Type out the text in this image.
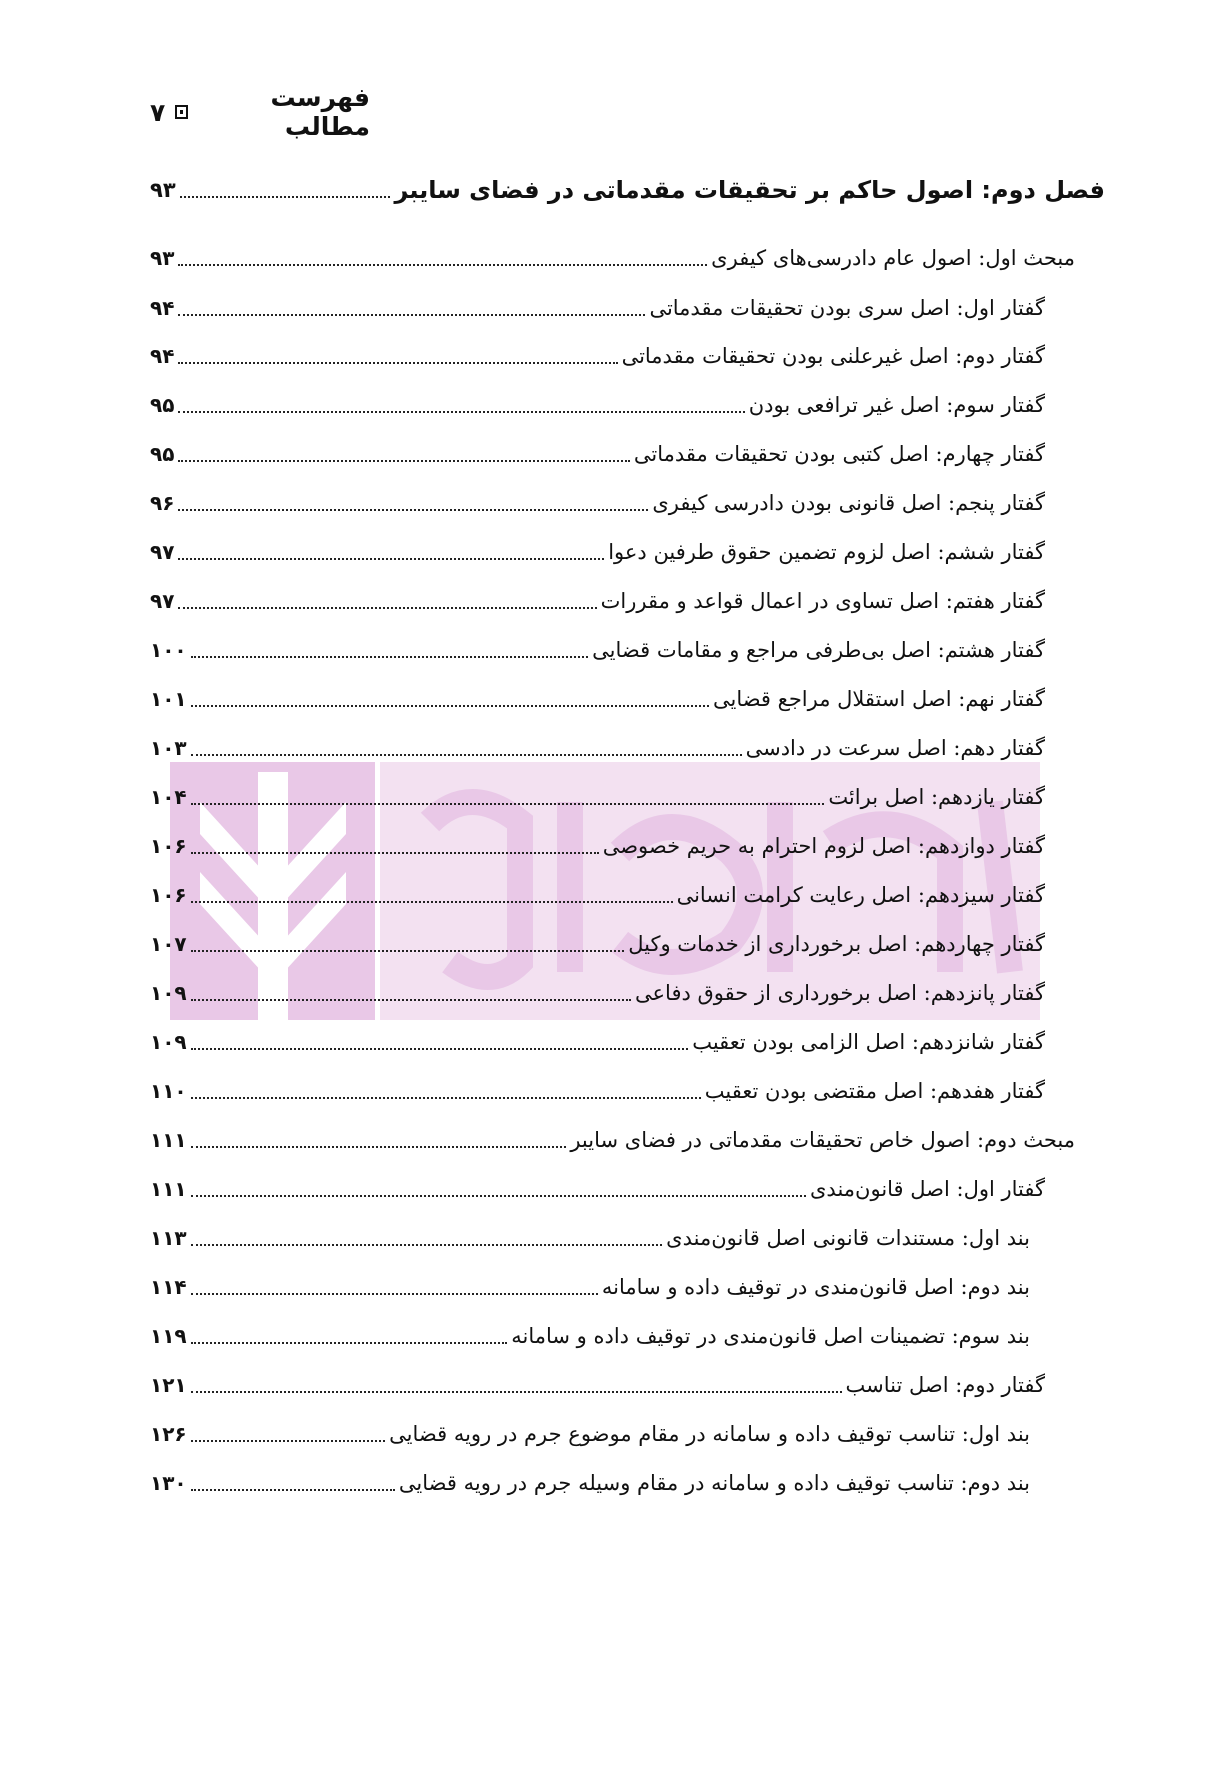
فهرست مطالب
۷
فصل دوم: اصول حاکم بر تحقیقات مقدماتی در فضای سایبر
۹۳
مبحث اول: اصول عام دادرسی‌های کیفری
۹۳
گفتار اول: اصل سری بودن تحقیقات مقدماتی
۹۴
گفتار دوم: اصل غیرعلنی بودن تحقیقات مقدماتی
۹۴
گفتار سوم: اصل غیر ترافعی بودن
۹۵
گفتار چهارم: اصل کتبی بودن تحقیقات مقدماتی
۹۵
گفتار پنجم: اصل قانونی بودن دادرسی کیفری
۹۶
گفتار ششم: اصل لزوم تضمین حقوق طرفین دعوا
۹۷
گفتار هفتم: اصل تساوی در اعمال قواعد و مقررات
۹۷
گفتار هشتم: اصل بی‌طرفی مراجع و مقامات قضایی
۱۰۰
گفتار نهم: اصل استقلال مراجع قضایی
۱۰۱
گفتار دهم: اصل سرعت در دادسی
۱۰۳
گفتار یازدهم: اصل برائت
۱۰۴
گفتار دوازدهم: اصل لزوم احترام به حریم خصوصی
۱۰۶
گفتار سیزدهم: اصل رعایت کرامت انسانی
۱۰۶
گفتار چهاردهم: اصل برخورداری از خدمات وکیل
۱۰۷
گفتار پانزدهم: اصل برخورداری از حقوق دفاعی
۱۰۹
گفتار شانزدهم: اصل الزامی بودن تعقیب
۱۰۹
گفتار هفدهم: اصل مقتضی بودن تعقیب
۱۱۰
مبحث دوم: اصول خاص تحقیقات مقدماتی در فضای سایبر
۱۱۱
گفتار اول: اصل قانون‌مندی
۱۱۱
بند اول: مستندات قانونی اصل قانون‌مندی
۱۱۳
بند دوم: اصل قانون‌مندی در توقیف داده و سامانه
۱۱۴
بند سوم: تضمینات اصل قانون‌مندی در توقیف داده و سامانه
۱۱۹
گفتار دوم: اصل تناسب
۱۲۱
بند اول: تناسب توقیف داده و سامانه در مقام موضوع جرم در رویه قضایی
۱۲۶
بند دوم: تناسب توقیف داده و سامانه در مقام وسیله جرم در رویه قضایی
۱۳۰
